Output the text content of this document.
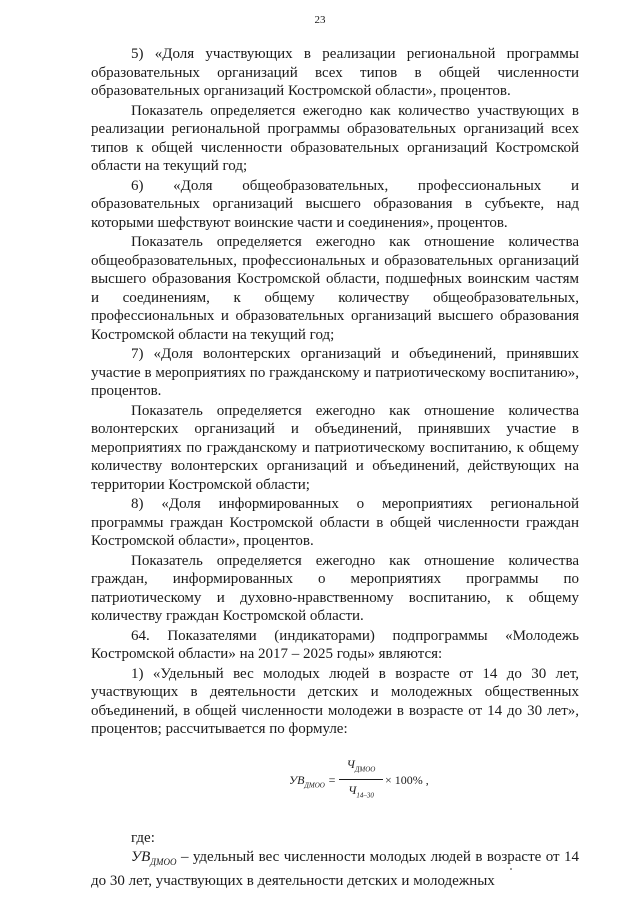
23

5) «Доля участвующих в реализации региональной программы образовательных организаций всех типов в общей численности образовательных организаций Костромской области», процентов.

Показатель определяется ежегодно как количество участвующих в реализации региональной программы образовательных организаций всех типов к общей численности образовательных организаций Костромской области на текущий год;

6) «Доля общеобразовательных, профессиональных и образовательных организаций высшего образования в субъекте, над которыми шефствуют воинские части и соединения», процентов.

Показатель определяется ежегодно как отношение количества общеобразовательных, профессиональных и образовательных организаций высшего образования Костромской области, подшефных воинским частям и соединениям, к общему количеству общеобразовательных, профессиональных и образовательных организаций высшего образования Костромской области на текущий год;

7) «Доля волонтерских организаций и объединений, принявших участие в мероприятиях по гражданскому и патриотическому воспитанию», процентов.

Показатель определяется ежегодно как отношение количества волонтерских организаций и объединений, принявших участие в мероприятиях по гражданскому и патриотическому воспитанию, к общему количеству волонтерских организаций и объединений, действующих на территории Костромской области;

8) «Доля информированных о мероприятиях региональной программы граждан Костромской области в общей численности граждан Костромской области», процентов.

Показатель определяется ежегодно как отношение количества граждан, информированных о мероприятиях программы по патриотическому и духовно-нравственному воспитанию, к общему количеству граждан Костромской области.

64. Показателями (индикаторами) подпрограммы «Молодежь Костромской области» на 2017 – 2025 годы» являются:

1) «Удельный вес молодых людей в возрасте от 14 до 30 лет, участвующих в деятельности детских и молодежных общественных объединений, в общей численности молодежи в возрасте от 14 до 30 лет», процентов; рассчитывается по формуле:

$УВ_{ДМОО}$ =
$Ч_{ДМОО}$
$Ч_{14-30}$
× 100% ,

где:

$УВ_{ДМОО}$ – удельный вес численности молодых людей в возрасте от 14 до 30 лет, участвующих в деятельности детских и молодежных
